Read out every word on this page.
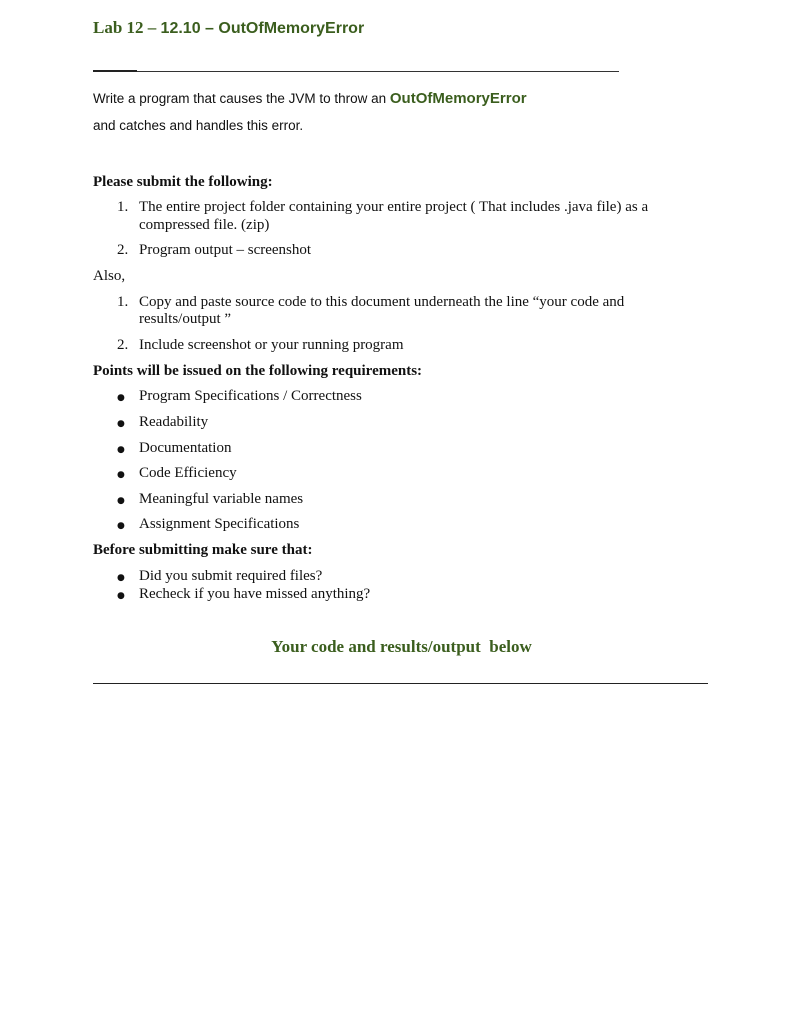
Lab 12 – 12.10 – OutOfMemoryError
Write a program that causes the JVM to throw an OutOfMemoryError
and catches and handles this error.
Please submit the following:
1. The entire project folder containing your entire project ( That includes .java file) as a
compressed file. (zip)
2. Program output – screenshot
Also,
1. Copy and paste source code to this document underneath the line “your code and
results/output ”
2. Include screenshot or your running program
Points will be issued on the following requirements:
● Program Specifications / Correctness
● Readability
● Documentation
● Code Efficiency
● Meaningful variable names
● Assignment Specifications
Before submitting make sure that:
● Did you submit required files?
● Recheck if you have missed anything?
Your code and results/output  below
